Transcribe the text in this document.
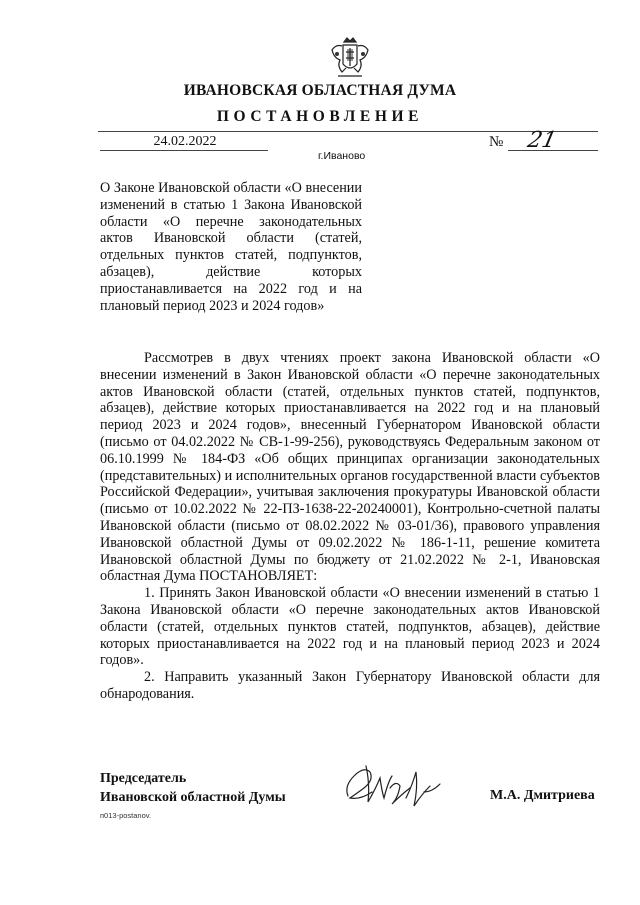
ИВАНОВСКАЯ ОБЛАСТНАЯ ДУМА
ПОСТАНОВЛЕНИЕ
24.02.2022	№ 21
г.Иваново
О Законе Ивановской области «О внесении изменений в статью 1 Закона Ивановской области «О перечне законодательных актов Ивановской области (статей, отдельных пунктов статей, подпунктов, абзацев), действие которых приостанавливается на 2022 год и на плановый период 2023 и 2024 годов»

Рассмотрев в двух чтениях проект закона Ивановской области «О внесении изменений в Закон Ивановской области «О перечне законодательных актов Ивановской области (статей, отдельных пунктов статей, подпунктов, абзацев), действие которых приостанавливается на 2022 год и на плановый период 2023 и 2024 годов», внесенный Губернатором Ивановской области (письмо от 04.02.2022 № СВ-1-99-256), руководствуясь Федеральным законом от 06.10.1999 № 184-ФЗ «Об общих принципах организации законодательных (представительных) и исполнительных органов государственной власти субъектов Российской Федерации», учитывая заключения прокуратуры Ивановской области (письмо от 10.02.2022 № 22-ПЗ-1638-22-20240001), Контрольно-счетной палаты Ивановской области (письмо от 08.02.2022 № 03-01/36), правового управления Ивановской областной Думы от 09.02.2022 № 186-1-11, решение комитета Ивановской областной Думы по бюджету от 21.02.2022 № 2-1, Ивановская областная Дума ПОСТАНОВЛЯЕТ:

1. Принять Закон Ивановской области «О внесении изменений в статью 1 Закона Ивановской области «О перечне законодательных актов Ивановской области (статей, отдельных пунктов статей, подпунктов, абзацев), действие которых приостанавливается на 2022 год и на плановый период 2023 и 2024 годов».

2. Направить указанный Закон Губернатору Ивановской области для обнародования.

Председатель
Ивановской областной Думы	М.А. Дмитриева
п013-postanov.
